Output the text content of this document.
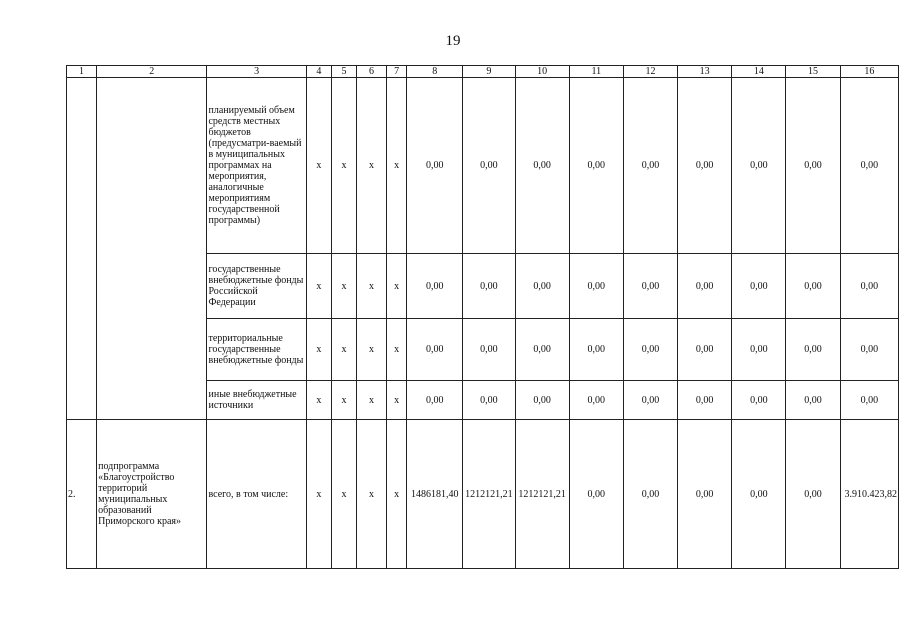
19
1	2	3	4	5	6	7	8	9	10	11	12	13	14	15	16
		планируемый объем средств местных бюджетов (предусматри-ваемый в муниципальных программах на мероприятия, аналогичные мероприятиям государственной программы)	x	x	x	x	0,00	0,00	0,00	0,00	0,00	0,00	0,00	0,00	0,00
		государственные внебюджетные фонды Российской Федерации	x	x	x	x	0,00	0,00	0,00	0,00	0,00	0,00	0,00	0,00	0,00
		территориальные государственные внебюджетные фонды	x	x	x	x	0,00	0,00	0,00	0,00	0,00	0,00	0,00	0,00	0,00
		иные внебюджетные источники	x	x	x	x	0,00	0,00	0,00	0,00	0,00	0,00	0,00	0,00	0,00
2.	подпрограмма «Благоустройство территорий муниципальных образований Приморского края»	всего, в том числе:	x	x	x	x	1486181,40	1212121,21	1212121,21	0,00	0,00	0,00	0,00	0,00	3.910.423,82
